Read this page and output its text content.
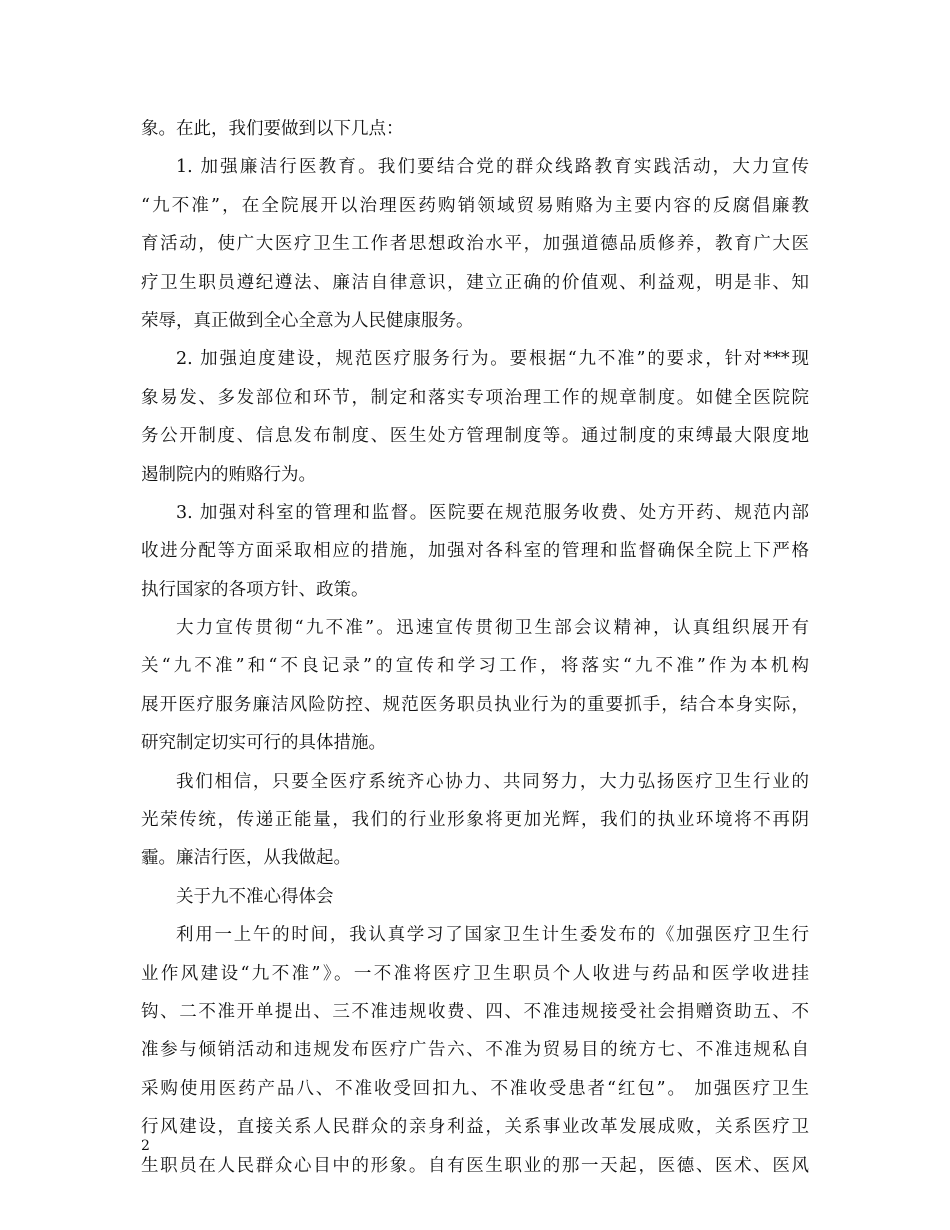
象。在此，我们要做到以下几点：
1. 加强廉洁行医教育。我们要结合党的群众线路教育实践活动，大力宣传
“九不准”，在全院展开以治理医药购销领域贸易贿赂为主要内容的反腐倡廉教
育活动，使广大医疗卫生工作者思想政治水平，加强道德品质修养，教育广大医
疗卫生职员遵纪遵法、廉洁自律意识，建立正确的价值观、利益观，明是非、知
荣辱，真正做到全心全意为人民健康服务。
2. 加强迫度建设，规范医疗服务行为。要根据“九不准”的要求，针对***现
象易发、多发部位和环节，制定和落实专项治理工作的规章制度。如健全医院院
务公开制度、信息发布制度、医生处方管理制度等。通过制度的束缚最大限度地
遏制院内的贿赂行为。
3. 加强对科室的管理和监督。医院要在规范服务收费、处方开药、规范内部
收进分配等方面采取相应的措施，加强对各科室的管理和监督确保全院上下严格
执行国家的各项方针、政策。
大力宣传贯彻“九不准”。迅速宣传贯彻卫生部会议精神，认真组织展开有
关“九不准”和“不良记录”的宣传和学习工作，将落实“九不准”作为本机构
展开医疗服务廉洁风险防控、规范医务职员执业行为的重要抓手，结合本身实际，
研究制定切实可行的具体措施。
我们相信，只要全医疗系统齐心协力、共同努力，大力弘扬医疗卫生行业的
光荣传统，传递正能量，我们的行业形象将更加光辉，我们的执业环境将不再阴
霾。廉洁行医，从我做起。
关于九不准心得体会
利用一上午的时间，我认真学习了国家卫生计生委发布的《加强医疗卫生行
业作风建设“九不准”》。一不准将医疗卫生职员个人收进与药品和医学收进挂
钩、二不准开单提出、三不准违规收费、四、不准违规接受社会捐赠资助五、不
准参与倾销活动和违规发布医疗广告六、不准为贸易目的统方七、不准违规私自
采购使用医药产品八、不准收受回扣九、不准收受患者“红包”。 加强医疗卫生
行风建设，直接关系人民群众的亲身利益，关系事业改革发展成败，关系医疗卫
生职员在人民群众心目中的形象。自有医生职业的那一天起，医德、医术、医风
2
